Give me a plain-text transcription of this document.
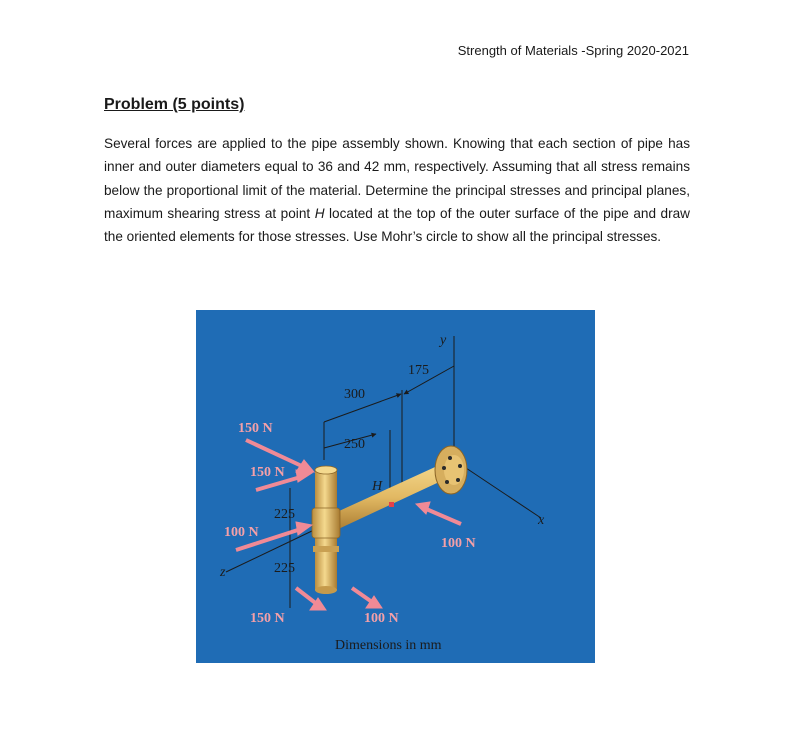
Strength of Materials -Spring 2020-2021
Problem (5 points)
Several forces are applied to the pipe assembly shown. Knowing that each section of pipe has inner and outer diameters equal to 36 and 42 mm, respectively. Assuming that all stress remains below the proportional limit of the material. Determine the principal stresses and principal planes, maximum shearing stress at point H located at the top of the outer surface of the pipe and draw the oriented elements for those stresses. Use Mohr’s circle to show all the principal stresses.
150 N
150 N
100 N
150 N	100 N
100 N
300
250
175
225
225
H
y
x
z
Dimensions in mm
